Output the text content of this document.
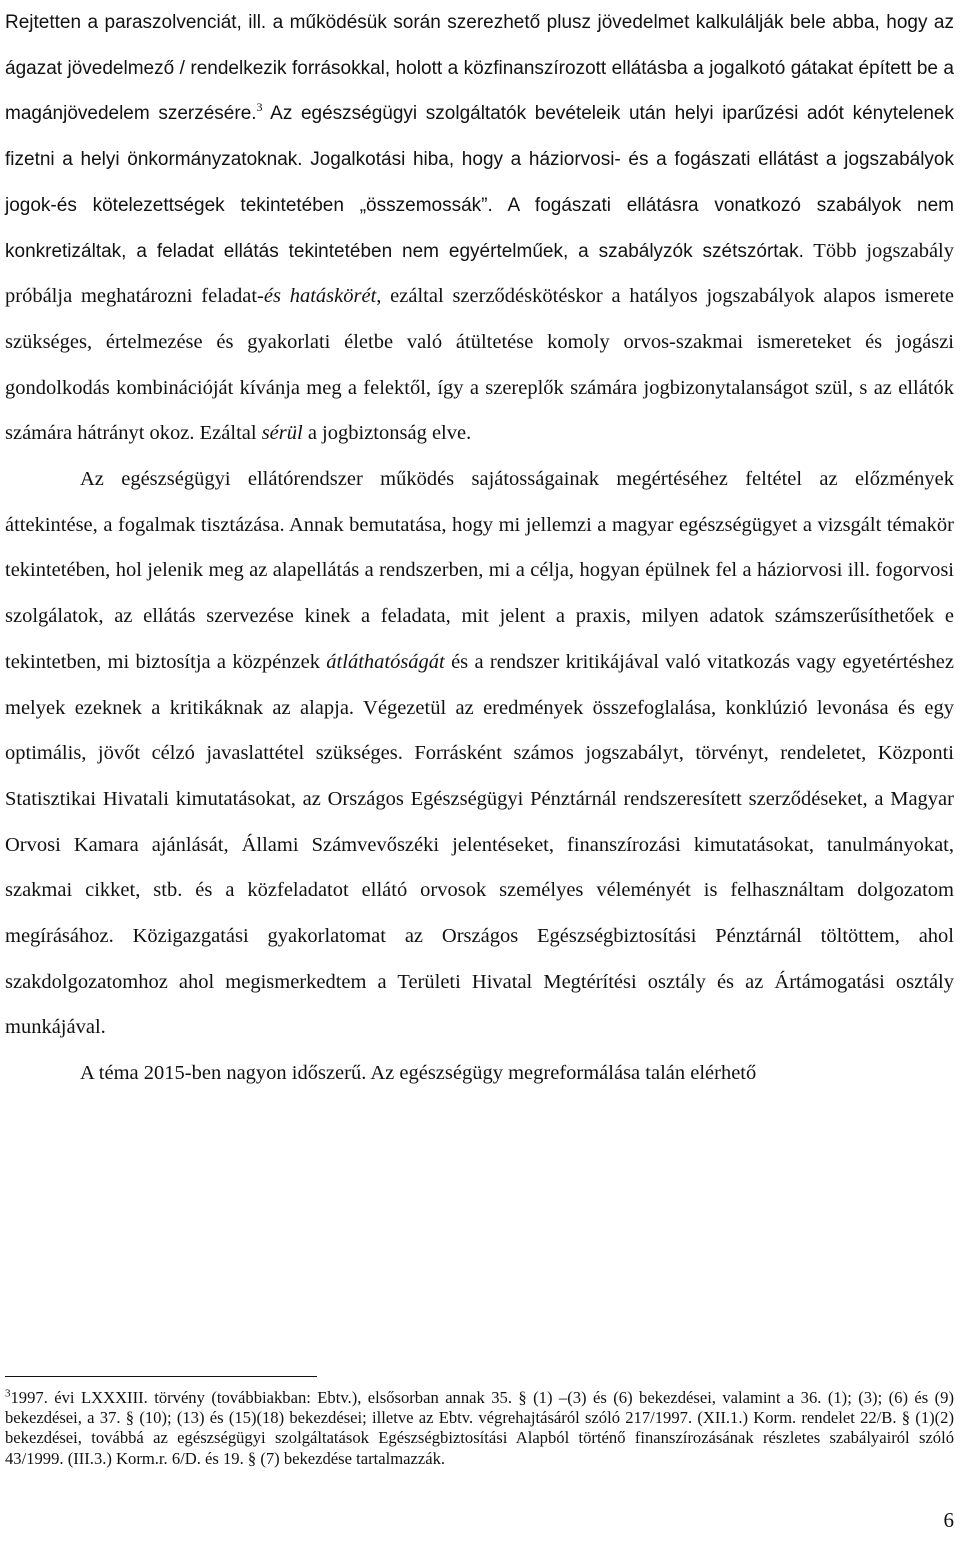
Rejtetten a paraszolvenciát, ill. a működésük során szerezhető plusz jövedelmet kalkulálják bele abba, hogy az ágazat jövedelmező / rendelkezik forrásokkal, holott a közfinanszírozott ellátásba a jogalkotó gátakat épített be a magánjövedelem szerzésére.$^3$ Az egészségügyi szolgáltatók bevételeik után helyi iparűzési adót kénytelenek fizetni a helyi önkormányzatoknak. Jogalkotási hiba, hogy a háziorvosi- és a fogászati ellátást a jogszabályok jogok-és kötelezettségek tekintetében „összemossák”. A fogászati ellátásra vonatkozó szabályok nem konkretizáltak, a feladat ellátás tekintetében nem egyértelműek, a szabályzók szétszórtak. Több jogszabály próbálja meghatározni feladat-és hatáskörét, ezáltal szerződéskötéskor a hatályos jogszabályok alapos ismerete szükséges, értelmezése és gyakorlati életbe való átültetése komoly orvos-szakmai ismereteket és jogászi gondolkodás kombinációját kívánja meg a felektől, így a szereplők számára jogbizonytalanságot szül, s az ellátók számára hátrányt okoz. Ezáltal sérül a jogbiztonság elve.

Az egészségügyi ellátórendszer működés sajátosságainak megértéséhez feltétel az előzmények áttekintése, a fogalmak tisztázása. Annak bemutatása, hogy mi jellemzi a magyar egészségügyet a vizsgált témakör tekintetében, hol jelenik meg az alapellátás a rendszerben, mi a célja, hogyan épülnek fel a háziorvosi ill. fogorvosi szolgálatok, az ellátás szervezése kinek a feladata, mit jelent a praxis, milyen adatok számszerűsíthetőek e tekintetben, mi biztosítja a közpénzek átláthatóságát és a rendszer kritikájával való vitatkozás vagy egyetértéshez melyek ezeknek a kritikáknak az alapja. Végezetül az eredmények összefoglalása, konklúzió levonása és egy optimális, jövőt célzó javaslattétel szükséges. Forrásként számos jogszabályt, törvényt, rendeletet, Központi Statisztikai Hivatali kimutatásokat, az Országos Egészségügyi Pénztárnál rendszeresített szerződéseket, a Magyar Orvosi Kamara ajánlását, Állami Számvevőszéki jelentéseket, finanszírozási kimutatásokat, tanulmányokat, szakmai cikket, stb. és a közfeladatot ellátó orvosok személyes véleményét is felhasználtam dolgozatom megírásához. Közigazgatási gyakorlatomat az Országos Egészségbiztosítási Pénztárnál töltöttem, ahol szakdolgozatomhoz ahol megismerkedtem a Területi Hivatal Megtérítési osztály és az Ártámogatási osztály munkájával.

A téma 2015-ben nagyon időszerű. Az egészségügy megreformálása talán elérhető

$^3$1997. évi LXXXIII. törvény (továbbiakban: Ebtv.), elsősorban annak 35. § (1) –(3) és (6) bekezdései, valamint a 36. (1); (3); (6) és (9) bekezdései, a 37. § (10); (13) és (15)(18) bekezdései; illetve az Ebtv. végrehajtásáról szóló 217/1997. (XII.1.) Korm. rendelet 22/B. § (1)(2) bekezdései, továbbá az egészségügyi szolgáltatások Egészségbiztosítási Alapból történő finanszírozásának részletes szabályairól szóló 43/1999. (III.3.) Korm.r. 6/D. és 19. § (7) bekezdése tartalmazzák.

6
